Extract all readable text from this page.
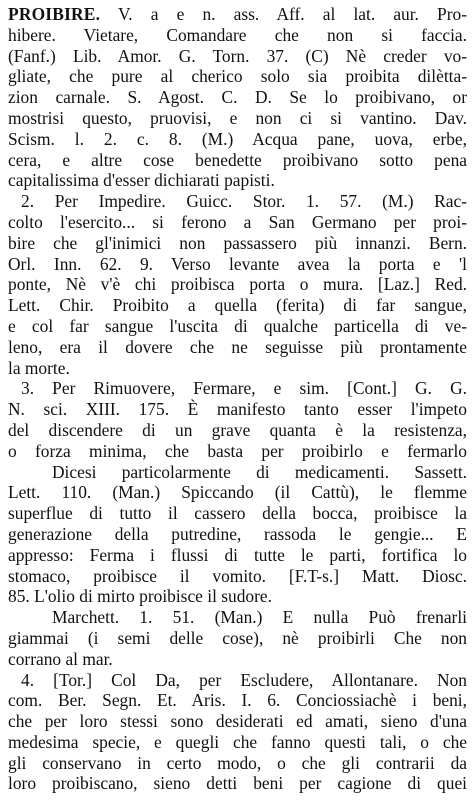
PROIBIRE. V. a e n. ass. Aff. al lat. aur. Pro-
hibere. Vietare, Comandare che non si faccia.
(Fanf.) Lib. Amor. G. Torn. 37. (C) Nè creder vo-
gliate, che pure al cherico solo sia proibita dilètta-
zion carnale. S. Agost. C. D. Se lo proibivano, or
mostrisi questo, pruovisi, e non ci si vantino. Dav.
Scism. l. 2. c. 8. (M.) Acqua pane, uova, erbe,
cera, e altre cose benedette proibivano sotto pena
capitalissima d'esser dichiarati papisti.
2. Per Impedire. Guicc. Stor. 1. 57. (M.) Rac-
colto l'esercito... si ferono a San Germano per proi-
bire che gl'inimici non passassero più innanzi. Bern.
Orl. Inn. 62. 9. Verso levante avea la porta e 'l
ponte, Nè v'è chi proibisca porta o mura. [Laz.] Red.
Lett. Chir. Proibito a quella (ferita) di far sangue,
e col far sangue l'uscita di qualche particella di ve-
leno, era il dovere che ne seguisse più prontamente
la morte.
3. Per Rimuovere, Fermare, e sim. [Cont.] G. G.
N. sci. XIII. 175. È manifesto tanto esser l'impeto
del discendere di un grave quanta è la resistenza,
o forza minima, che basta per proibirlo e fermarlo
Dicesi particolarmente di medicamenti. Sassett.
Lett. 110. (Man.) Spiccando (il Cattù), le flemme
superflue di tutto il cassero della bocca, proibisce la
generazione della putredine, rassoda le gengie... E
appresso: Ferma i flussi di tutte le parti, fortifica lo
stomaco, proibisce il vomito. [F.T-s.] Matt. Diosc.
85. L'olio di mirto proibisce il sudore.
Marchett. 1. 51. (Man.) E nulla Può frenarli
giammai (i semi delle cose), nè proibirli Che non
corrano al mar.
4. [Tor.] Col Da, per Escludere, Allontanare. Non
com. Ber. Segn. Et. Aris. I. 6. Conciossiachè i beni,
che per loro stessi sono desiderati ed amati, sieno d'una
medesima specie, e quegli che fanno questi tali, o che
gli conservano in certo modo, o che gli contrarii da
loro proibiscano, sieno detti beni per cagione di quei
